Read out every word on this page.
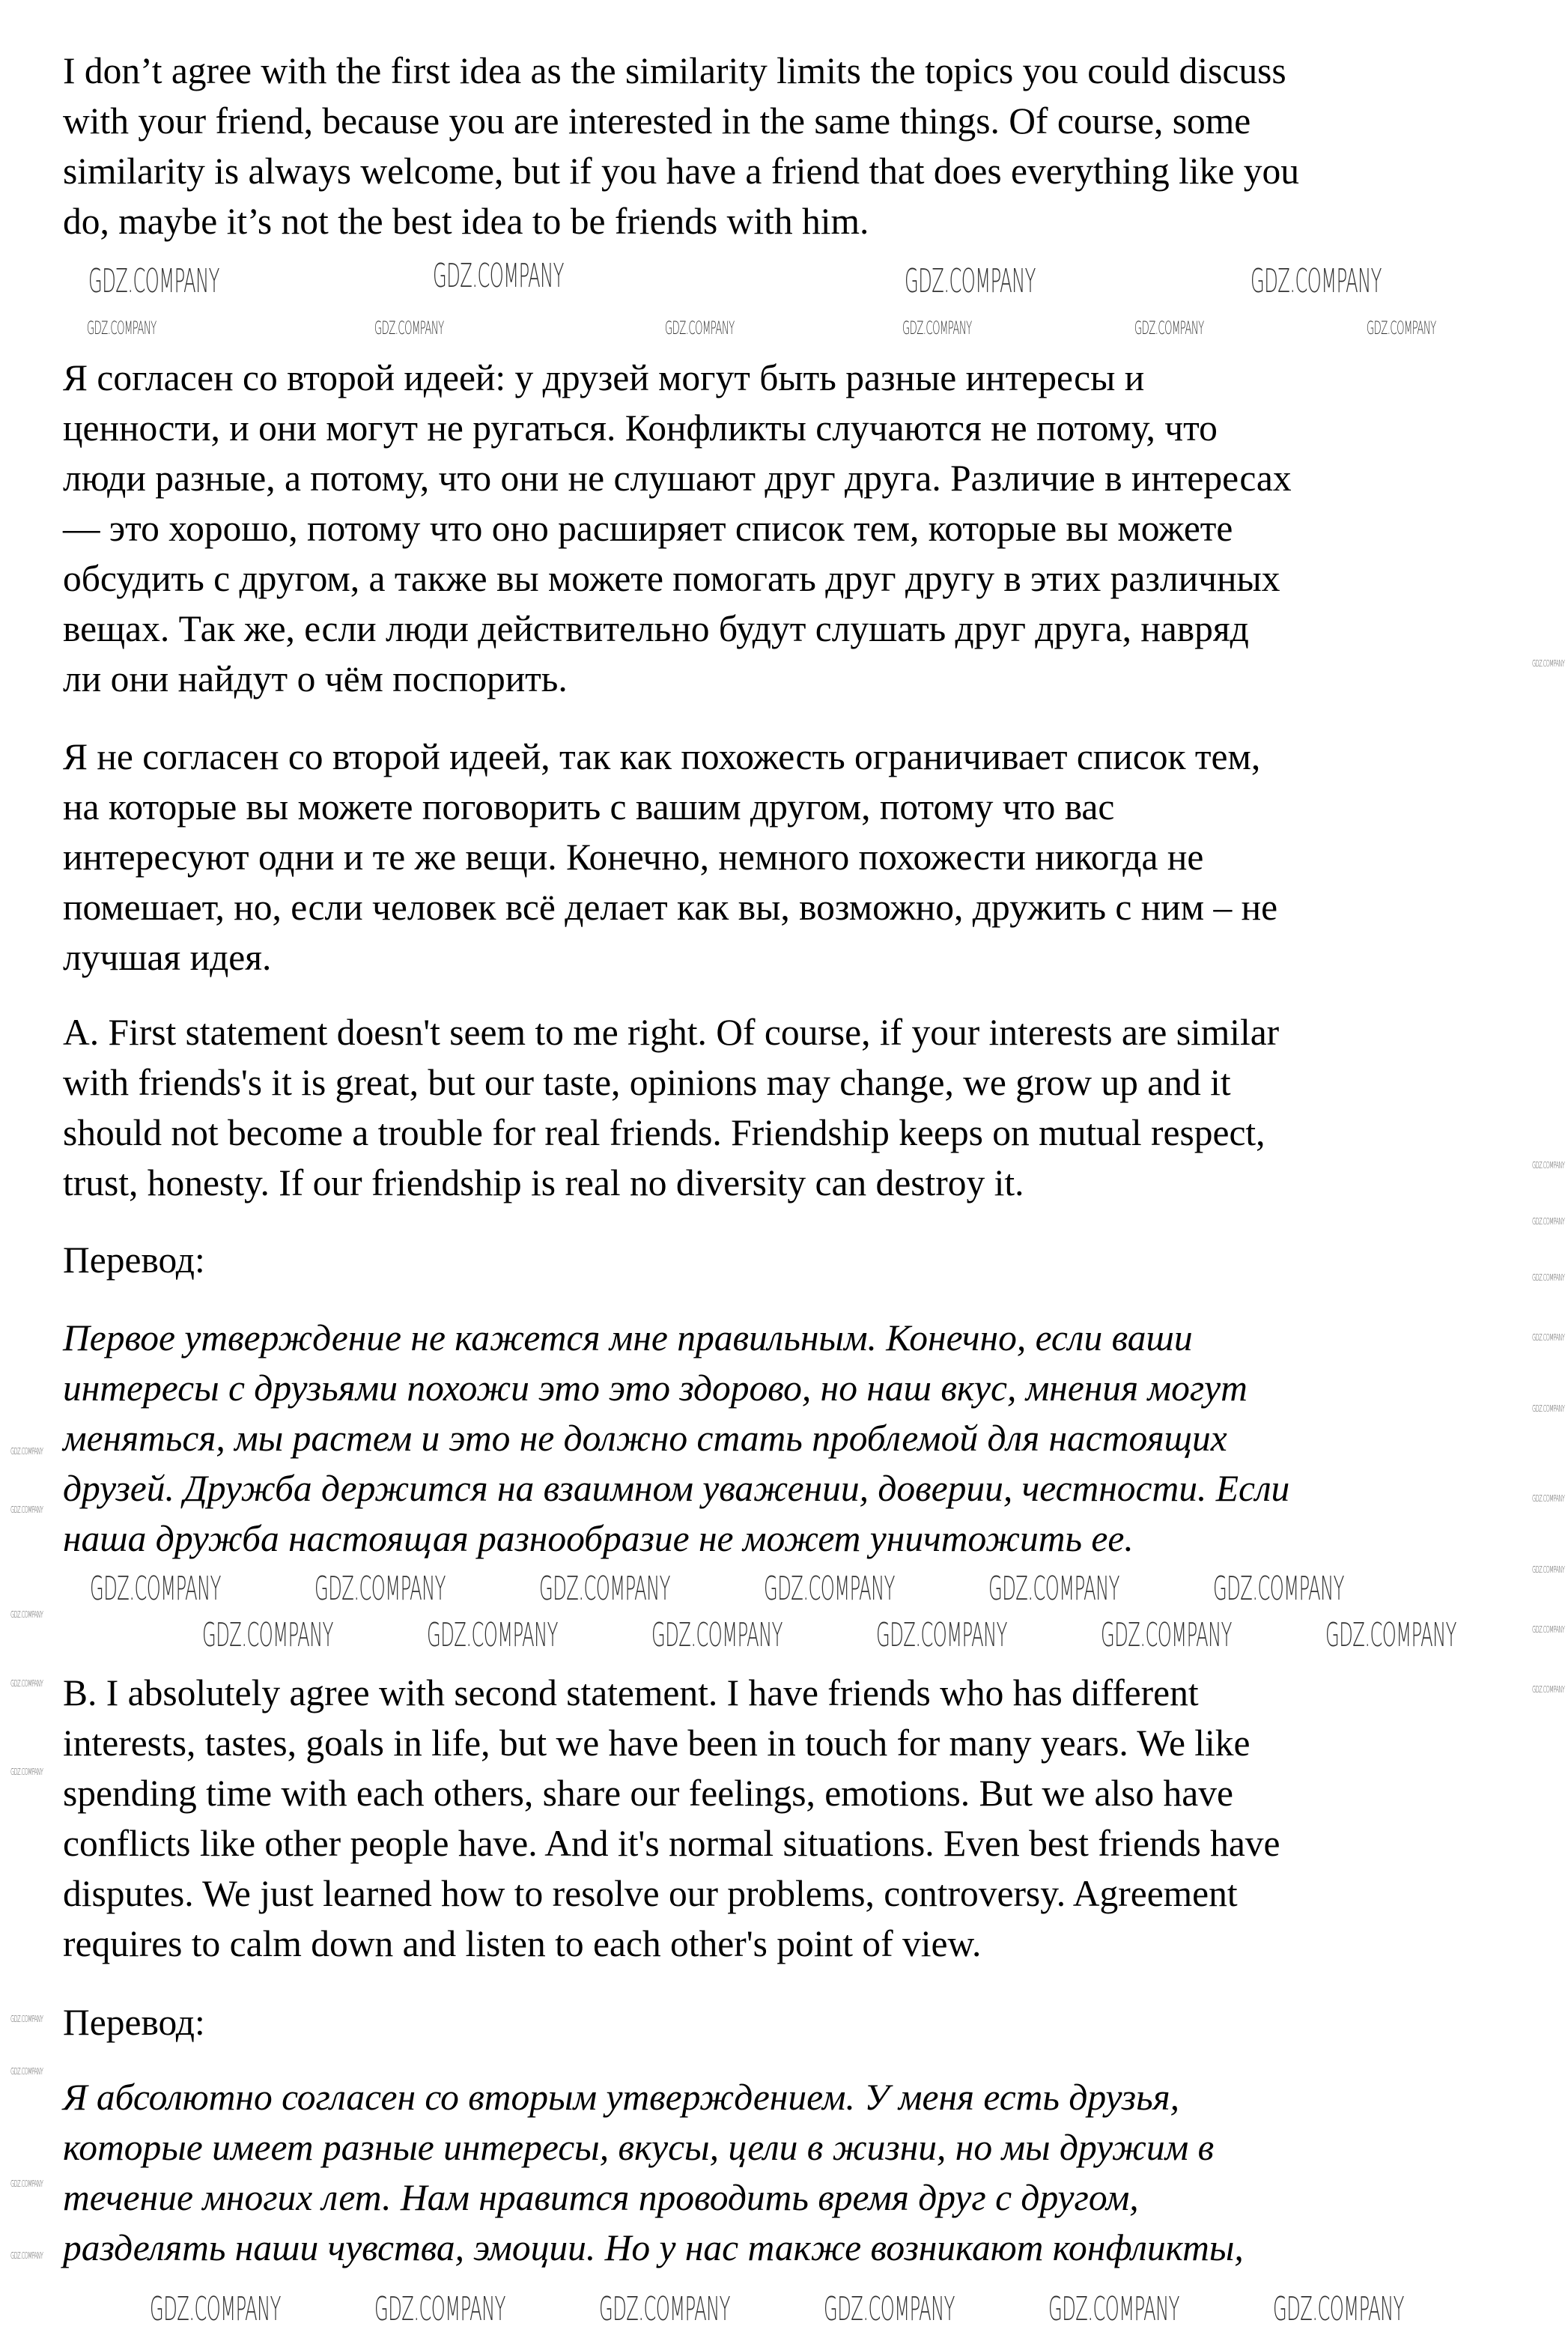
I don’t agree with the first idea as the similarity limits the topics you could discuss
with your friend, because you are interested in the same things. Of course, some
similarity is always welcome, but if you have a friend that does everything like you
do, maybe it’s not the best idea to be friends with him.
Я согласен со второй идеей: у друзей могут быть разные интересы и
ценности, и они могут не ругаться. Конфликты случаются не потому, что
люди разные, а потому, что они не слушают друг друга. Различие в интересах
— это хорошо, потому что оно расширяет список тем, которые вы можете
обсудить с другом, а также вы можете помогать друг другу в этих различных
вещах. Так же, если люди действительно будут слушать друг друга, навряд
ли они найдут о чём поспорить.
Я не согласен со второй идеей, так как похожесть ограничивает список тем,
на которые вы можете поговорить с вашим другом, потому что вас
интересуют одни и те же вещи. Конечно, немного похожести никогда не
помешает, но, если человек всё делает как вы, возможно, дружить с ним – не
лучшая идея.
A. First statement doesn't seem to me right. Of course, if your interests are similar
with friends's it is great, but our taste, opinions may change, we grow up and it
should not become a trouble for real friends. Friendship keeps on mutual respect,
trust, honesty. If our friendship is real no diversity can destroy it.
Перевод:
Первое утверждение не кажется мне правильным. Конечно, если ваши
интересы с друзьями похожи это это здорово, но наш вкус, мнения могут
меняться, мы растем и это не должно стать проблемой для настоящих
друзей. Дружба держится на взаимном уважении, доверии, честности. Если
наша дружба настоящая разнообразие не может уничтожить ее.
B. I absolutely agree with second statement. I have friends who has different
interests, tastes, goals in life, but we have been in touch for many years. We like
spending time with each others, share our feelings, emotions. But we also have
conflicts like other people have. And it's normal situations. Even best friends have
disputes. We just learned how to resolve our problems, controversy. Agreement
requires to calm down and listen to each other's point of view.
Перевод:
Я абсолютно согласен со вторым утверждением. У меня есть друзья,
которые имеет разные интересы, вкусы, цели в жизни, но мы дружим в
течение многих лет. Нам нравится проводить время друг с другом,
разделять наши чувства, эмоции. Но у нас также возникают конфликты,
GDZ.COMPANY	GDZ.COMPANY	GDZ.COMPANY	GDZ.COMPANY
GDZ.COMPANY	GDZ.COMPANY	GDZ.COMPANY	GDZ.COMPANY	GDZ.COMPANY	GDZ.COMPANY
GDZ.COMPANY	GDZ.COMPANY	GDZ.COMPANY	GDZ.COMPANY	GDZ.COMPANY	GDZ.COMPANY
GDZ.COMPANY	GDZ.COMPANY	GDZ.COMPANY	GDZ.COMPANY	GDZ.COMPANY	GDZ.COMPANY
GDZ.COMPANY	GDZ.COMPANY	GDZ.COMPANY	GDZ.COMPANY	GDZ.COMPANY	GDZ.COMPANY
GDZ.COMPANY
GDZ.COMPANY
GDZ.COMPANY
GDZ.COMPANY
GDZ.COMPANY
GDZ.COMPANY
GDZ.COMPANY
GDZ.COMPANY
GDZ.COMPANY
GDZ.COMPANY
GDZ.COMPANY
GDZ.COMPANY
GDZ.COMPANY
GDZ.COMPANY
GDZ.COMPANY
GDZ.COMPANY
GDZ.COMPANY
GDZ.COMPANY
GDZ.COMPANY
